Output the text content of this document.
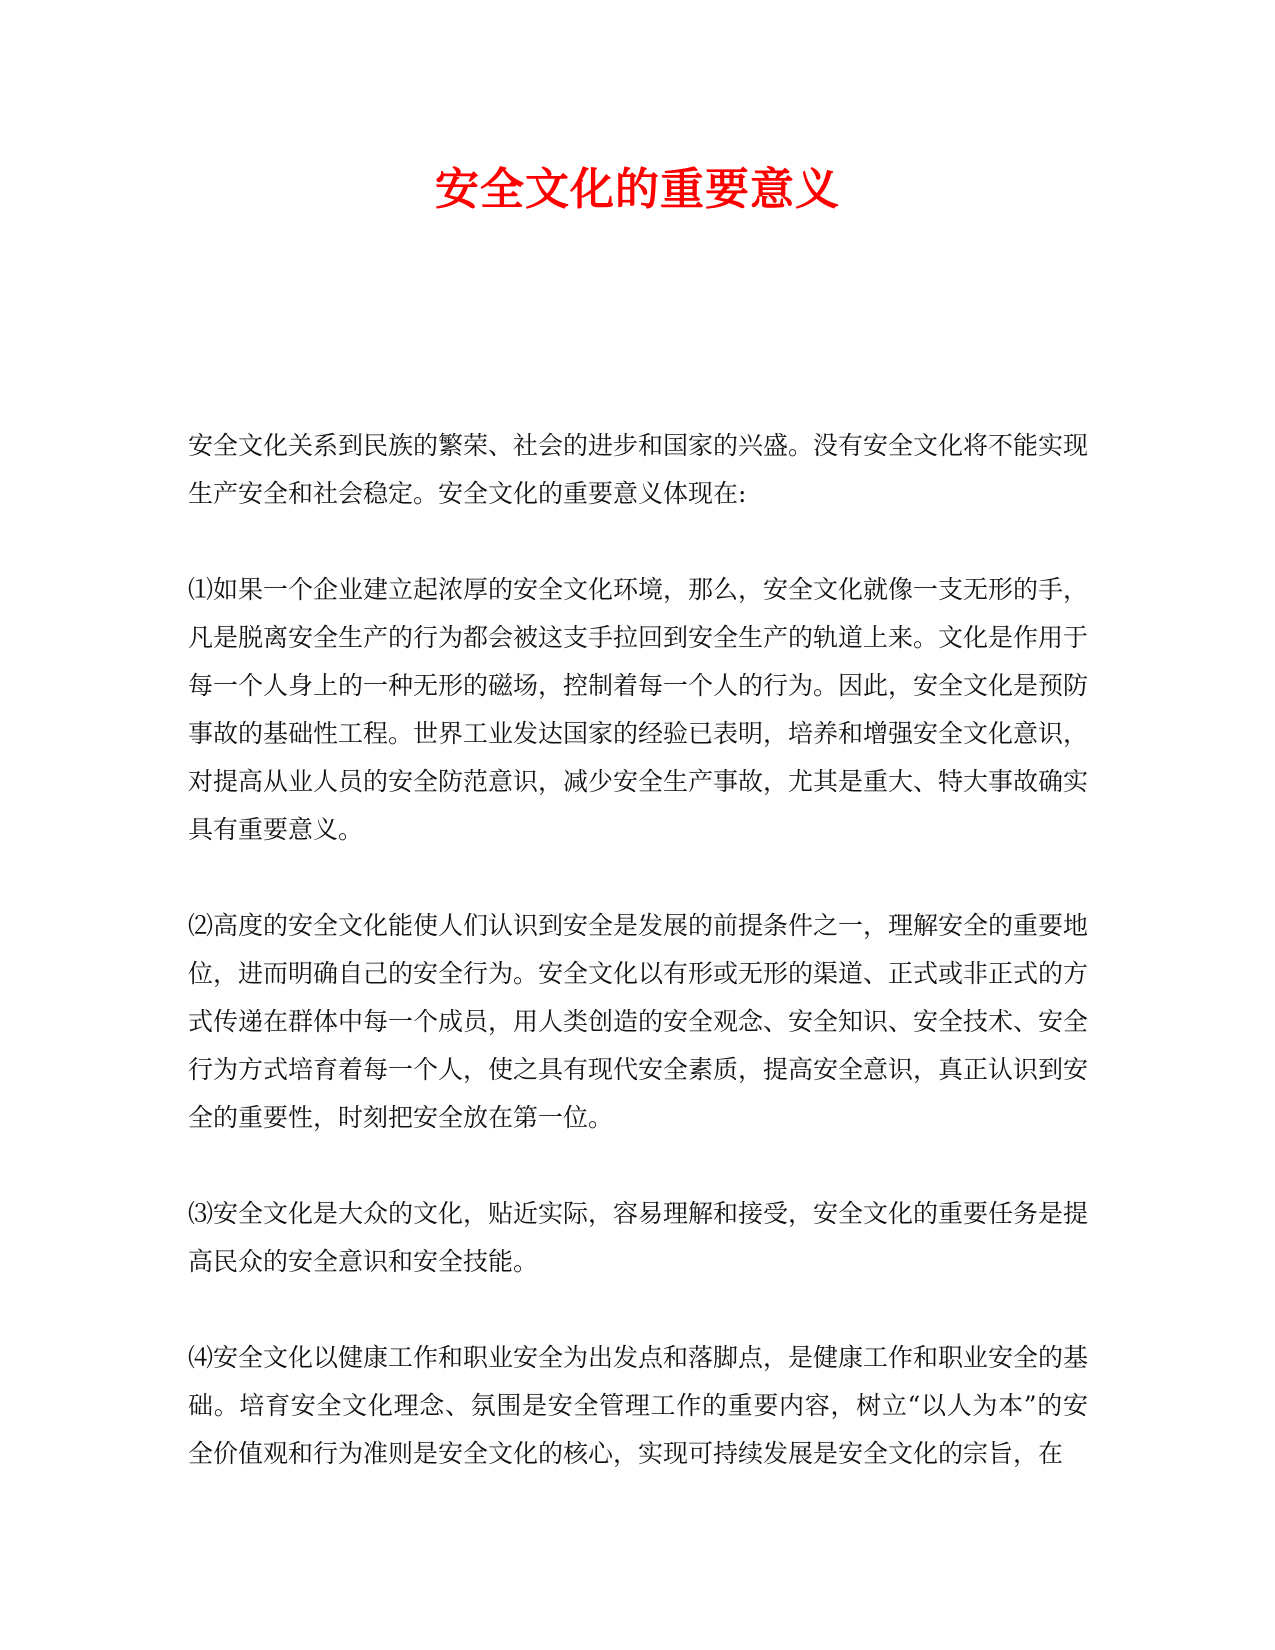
安全文化的重要意义

安全文化关系到民族的繁荣、社会的进步和国家的兴盛。没有安全文化将不能实现生产安全和社会稳定。安全文化的重要意义体现在:

⑴如果一个企业建立起浓厚的安全文化环境，那么，安全文化就像一支无形的手，凡是脱离安全生产的行为都会被这支手拉回到安全生产的轨道上来。文化是作用于每一个人身上的一种无形的磁场，控制着每一个人的行为。因此，安全文化是预防事故的基础性工程。世界工业发达国家的经验已表明，培养和增强安全文化意识，对提高从业人员的安全防范意识，减少安全生产事故，尤其是重大、特大事故确实具有重要意义。

⑵高度的安全文化能使人们认识到安全是发展的前提条件之一，理解安全的重要地位，进而明确自己的安全行为。安全文化以有形或无形的渠道、正式或非正式的方式传递在群体中每一个成员，用人类创造的安全观念、安全知识、安全技术、安全行为方式培育着每一个人，使之具有现代安全素质，提高安全意识，真正认识到安全的重要性，时刻把安全放在第一位。

⑶安全文化是大众的文化，贴近实际，容易理解和接受，安全文化的重要任务是提高民众的安全意识和安全技能。

⑷安全文化以健康工作和职业安全为出发点和落脚点，是健康工作和职业安全的基础。培育安全文化理念、氛围是安全管理工作的重要内容，树立“以人为本”的安全价值观和行为准则是安全文化的核心，实现可持续发展是安全文化的宗旨，在
